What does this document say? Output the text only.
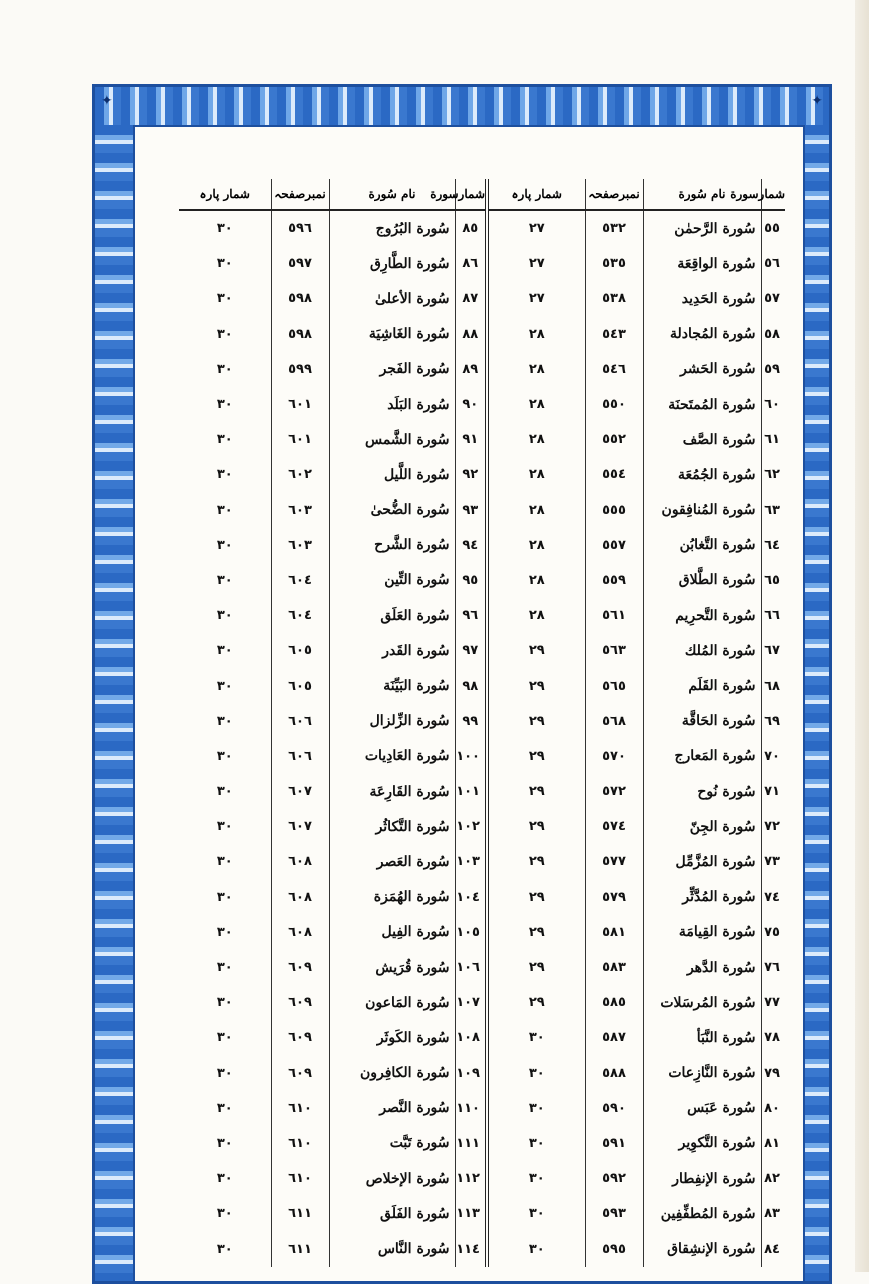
✦	✦
شمارسورة	نام سُورة	نمبرصفحہ	شمار پارہ	شمارسورة	نام سُورة	نمبرصفحہ	شمار پارہ
٥٥	سُورة الرَّحمٰن	٥٣٢	٢٧	٨٥	سُورة البُرُوج	٥٩٦	٣٠
٥٦	سُورة الواقِعَة	٥٣٥	٢٧	٨٦	سُورة الطَّارِق	٥٩٧	٣٠
٥٧	سُورة الحَدِيد	٥٣٨	٢٧	٨٧	سُورة الأعلىٰ	٥٩٨	٣٠
٥٨	سُورة المُجادلة	٥٤٣	٢٨	٨٨	سُورة الغَاشِيَة	٥٩٨	٣٠
٥٩	سُورة الحَشر	٥٤٦	٢٨	٨٩	سُورة الفَجر	٥٩٩	٣٠
٦٠	سُورة المُمتَحنَة	٥٥٠	٢٨	٩٠	سُورة البَلَد	٦٠١	٣٠
٦١	سُورة الصَّف	٥٥٢	٢٨	٩١	سُورة الشَّمس	٦٠١	٣٠
٦٢	سُورة الجُمُعَة	٥٥٤	٢٨	٩٢	سُورة اللَّيل	٦٠٢	٣٠
٦٣	سُورة المُنافِقون	٥٥٥	٢٨	٩٣	سُورة الضُّحىٰ	٦٠٣	٣٠
٦٤	سُورة التَّغابُن	٥٥٧	٢٨	٩٤	سُورة الشَّرح	٦٠٣	٣٠
٦٥	سُورة الطَّلاق	٥٥٩	٢٨	٩٥	سُورة التِّين	٦٠٤	٣٠
٦٦	سُورة التَّحرِيم	٥٦١	٢٨	٩٦	سُورة العَلَق	٦٠٤	٣٠
٦٧	سُورة المُلك	٥٦٣	٢٩	٩٧	سُورة القَدر	٦٠٥	٣٠
٦٨	سُورة القَلَم	٥٦٥	٢٩	٩٨	سُورة البَيِّنَة	٦٠٥	٣٠
٦٩	سُورة الحَاقَّة	٥٦٨	٢٩	٩٩	سُورة الزِّلزال	٦٠٦	٣٠
٧٠	سُورة المَعارج	٥٧٠	٢٩	١٠٠	سُورة العَادِيات	٦٠٦	٣٠
٧١	سُورة نُوح	٥٧٢	٢٩	١٠١	سُورة القَارِعَة	٦٠٧	٣٠
٧٢	سُورة الجِنّ	٥٧٤	٢٩	١٠٢	سُورة التَّكاثُر	٦٠٧	٣٠
٧٣	سُورة المُزَّمِّل	٥٧٧	٢٩	١٠٣	سُورة العَصر	٦٠٨	٣٠
٧٤	سُورة المُدَّثِّر	٥٧٩	٢٩	١٠٤	سُورة الهُمَزة	٦٠٨	٣٠
٧٥	سُورة القِيامَة	٥٨١	٢٩	١٠٥	سُورة الفِيل	٦٠٨	٣٠
٧٦	سُورة الدَّهر	٥٨٣	٢٩	١٠٦	سُورة قُرَيش	٦٠٩	٣٠
٧٧	سُورة المُرسَلات	٥٨٥	٢٩	١٠٧	سُورة المَاعون	٦٠٩	٣٠
٧٨	سُورة النَّبَأ	٥٨٧	٣٠	١٠٨	سُورة الكَوثَر	٦٠٩	٣٠
٧٩	سُورة النَّازِعات	٥٨٨	٣٠	١٠٩	سُورة الكافِرون	٦٠٩	٣٠
٨٠	سُورة عَبَس	٥٩٠	٣٠	١١٠	سُورة النَّصر	٦١٠	٣٠
٨١	سُورة التَّكوِير	٥٩١	٣٠	١١١	سُورة تَبَّت	٦١٠	٣٠
٨٢	سُورة الإنفِطار	٥٩٢	٣٠	١١٢	سُورة الإخلاص	٦١٠	٣٠
٨٣	سُورة المُطفِّفِين	٥٩٣	٣٠	١١٣	سُورة الفَلَق	٦١١	٣٠
٨٤	سُورة الإنشِقاق	٥٩٥	٣٠	١١٤	سُورة النَّاس	٦١١	٣٠
